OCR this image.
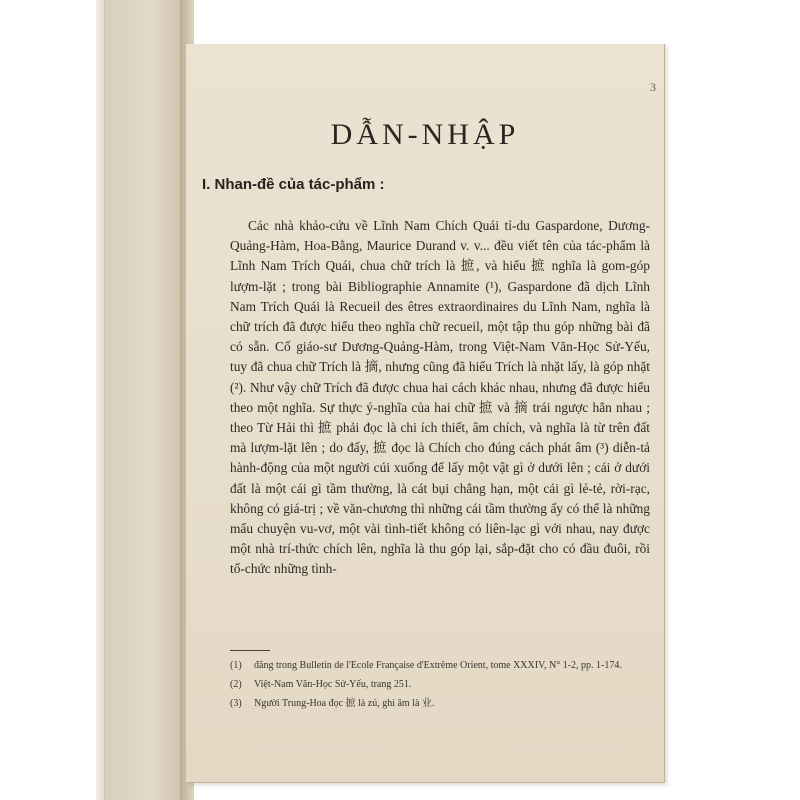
3
DẪN-NHẬP
I. Nhan-đề của tác-phẩm :

Các nhà khảo-cứu về Lĩnh Nam Chích Quái tỉ-du Gaspardone, Dương-Quảng-Hàm, Hoa-Bằng, Maurice Durand v. v... đều viết tên của tác-phẩm là Lĩnh Nam Trích Quái, chua chữ trích là 摭, và hiểu 摭 nghĩa là gom-góp lượm-lặt ; trong bài Bibliographie Annamite (¹), Gaspardone đã dịch Lĩnh Nam Trích Quái là Recueil des êtres extraordinaires du Lĩnh Nam, nghĩa là chữ trích đã được hiểu theo nghĩa chữ recueil, một tập thu góp những bài đã có sẵn. Cố giáo-sư Dương-Quảng-Hàm, trong Việt-Nam Văn-Học Sử-Yếu, tuy đã chua chữ Trích là 摘, nhưng cũng đã hiểu Trích là nhặt lấy, là góp nhặt (²). Như vậy chữ Trích đã được chua hai cách khác nhau, nhưng đã được hiểu theo một nghĩa. Sự thực ý-nghĩa của hai chữ 摭 và 摘 trái ngược hẳn nhau ; theo Từ Hải thì 摭 phải đọc là chi ích thiết, âm chích, và nghĩa là từ trên đất mà lượm-lặt lên ; do đấy, 摭 đọc là Chích cho đúng cách phát âm (³) diễn-tả hành-động của một người cúi xuống để lấy một vật gì ở dưới lên ; cái ở dưới đất là một cái gì tầm thường, là cát bụi chẳng hạn, một cái gì lẻ-tẻ, rời-rạc, không có giá-trị ; về văn-chương thì những cái tầm thường ấy có thể là những mẩu chuyện vu-vơ, một vài tình-tiết không có liên-lạc gì với nhau, nay được một nhà trí-thức chích lên, nghĩa là thu góp lại, sắp-đặt cho có đầu đuôi, rồi tổ-chức những tình-

(1)	đăng trong Bulletin de l'Ecole Française d'Extrême Orient, tome XXXIV, N° 1-2, pp. 1-174.
(2)	Việt-Nam Văn-Học Sử-Yếu, trang 251.
(3)	Người Trung-Hoa đọc 摭 là zú, ghi âm là 业.
